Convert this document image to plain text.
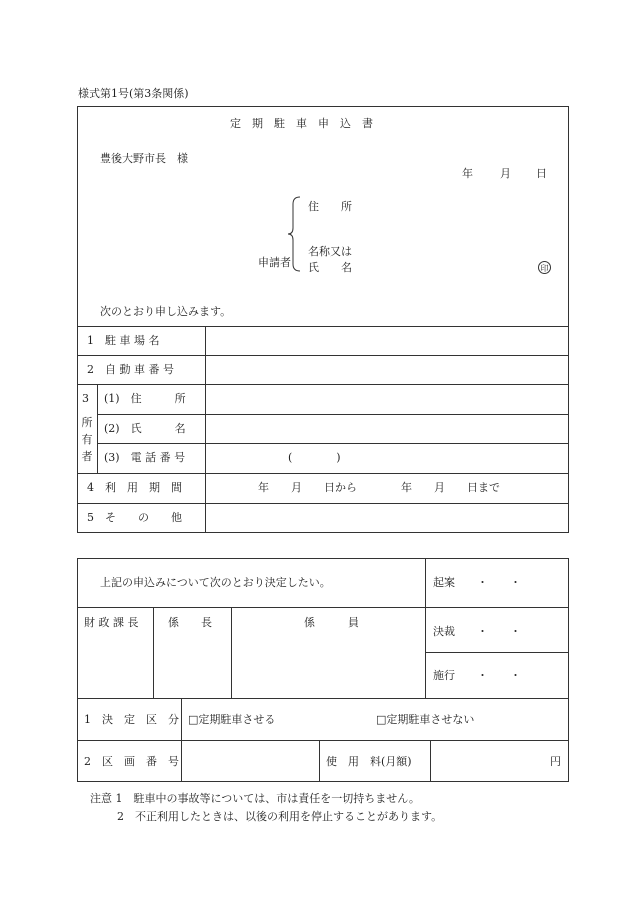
様式第1号(第3条関係)
定　期　駐　車　申　込　書
豊後大野市長　様
年 月 日
申請者
住　　所
名称又は
氏　　名	印
次のとおり申し込みます。
1　駐 車 場 名
2　自 動 車 番 号
3
所
有
者
(1)　住　　　所
(2)　氏　　　名
(3)　電 話 番 号	(　　　　)
4　利　用　期　間	年　　月　　日から　　　　年　　月　　日まで
5　そ　　の　　他
上記の申込みについて次のとおり決定したい。	起案　　・　　・
財 政 課 長	係　　長	係　　　員
決裁　　・　　・
施行　　・　　・
1　決　定　区　分 □定期駐車させる	□定期駐車させない
2　区　画　番　号	使　用　料(月額)	円
注意 1　駐車中の事故等については、市は責任を一切持ちません。
2　不正利用したときは、以後の利用を停止することがあります。
